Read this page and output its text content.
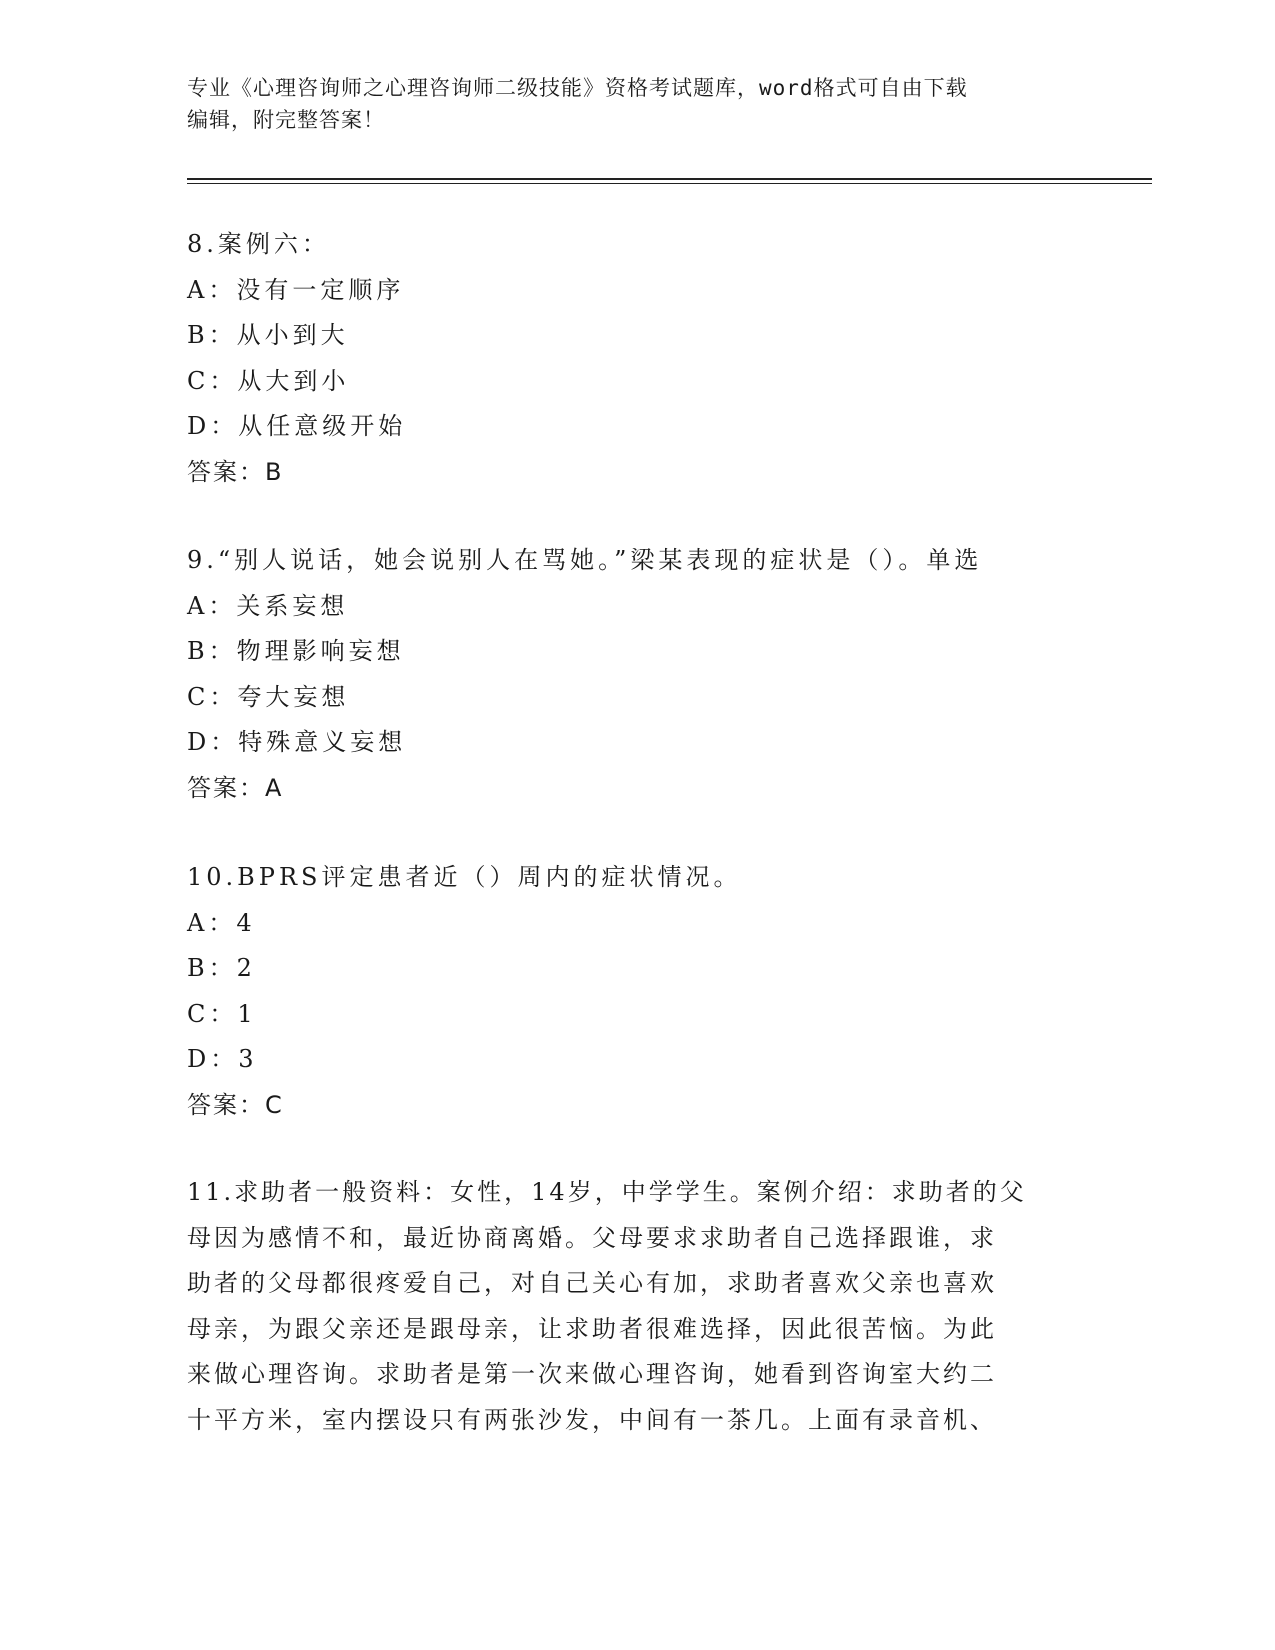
专业《心理咨询师之心理咨询师二级技能》资格考试题库，word格式可自由下载
编辑，附完整答案！
8.案例六：
A：没有一定顺序
B：从小到大
C：从大到小
D：从任意级开始
答案：B
9.“别人说话，她会说别人在骂她。”梁某表现的症状是（）。单选
A：关系妄想
B：物理影响妄想
C：夸大妄想
D：特殊意义妄想
答案：A
10.BPRS评定患者近（）周内的症状情况。
A：4
B：2
C：1
D：3
答案：C
11.求助者一般资料：女性，14岁，中学学生。案例介绍：求助者的父
母因为感情不和，最近协商离婚。父母要求求助者自己选择跟谁，求
助者的父母都很疼爱自己，对自己关心有加，求助者喜欢父亲也喜欢
母亲，为跟父亲还是跟母亲，让求助者很难选择，因此很苦恼。为此
来做心理咨询。求助者是第一次来做心理咨询，她看到咨询室大约二
十平方米，室内摆设只有两张沙发，中间有一茶几。上面有录音机、
